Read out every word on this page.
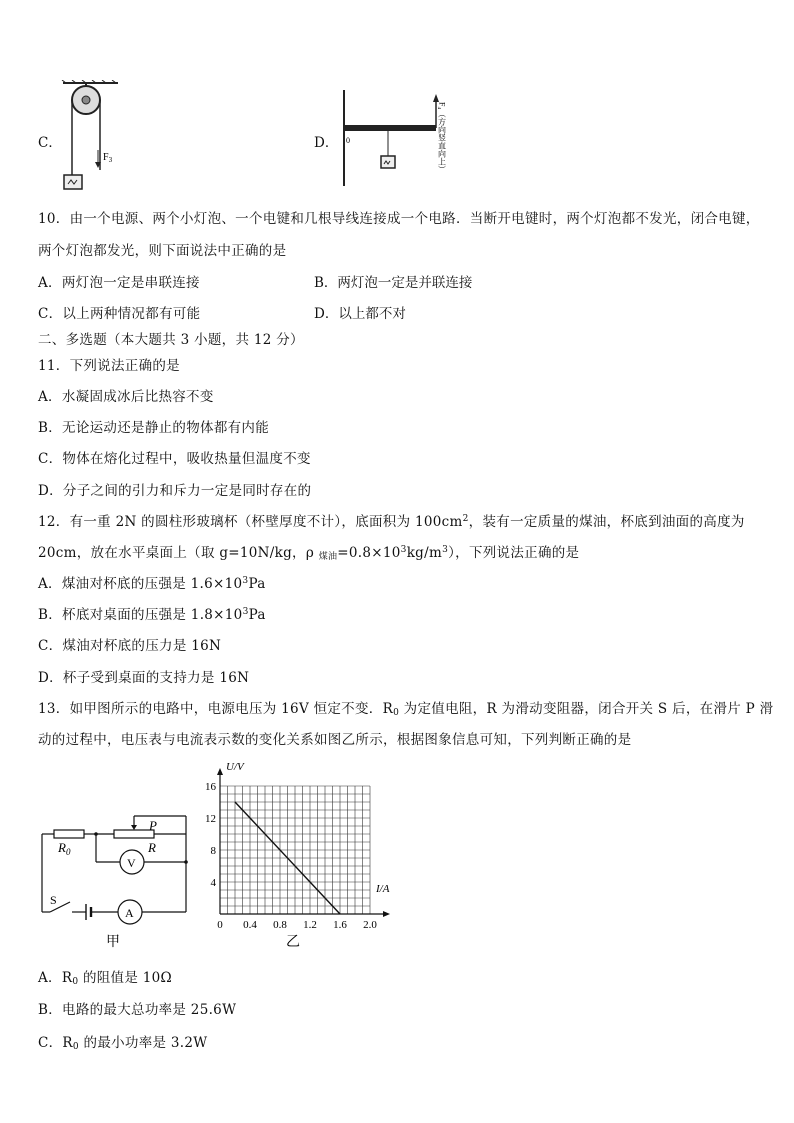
C．
$F_3$
D． 0	F₄（方向竖直向上）
10．由一个电源、两个小灯泡、一个电键和几根导线连接成一个电路．当断开电键时，两个灯泡都不发光，闭合电键，
两个灯泡都发光，则下面说法中正确的是
A．两灯泡一定是串联连接	B．两灯泡一定是并联连接
C．以上两种情况都有可能	D．以上都不对
二、多选题（本大题共 3 小题，共 12 分）
11．下列说法正确的是
A．水凝固成冰后比热容不变
B．无论运动还是静止的物体都有内能
C．物体在熔化过程中，吸收热量但温度不变
D．分子之间的引力和斥力一定是同时存在的
12．有一重 2N 的圆柱形玻璃杯（杯壁厚度不计），底面积为 $100cm^2$，装有一定质量的煤油，杯底到油面的高度为
20cm，放在水平桌面上（取 g=10N/kg，ρ $_{煤油}=0.8\times 10^3kg/m^3$），下列说法正确的是
A．煤油对杯底的压强是 $1.6\times 10^3Pa$
B．杯底对桌面的压强是 $1.8\times 10^3Pa$
C．煤油对杯底的压力是 16N
D．杯子受到桌面的支持力是 16N
13．如甲图所示的电路中，电源电压为 16V 恒定不变．$R_0$ 为定值电阻，R 为滑动变阻器，闭合开关 S 后，在滑片 P 滑
动的过程中，电压表与电流表示数的变化关系如图乙所示，根据图象信息可知，下列判断正确的是
$R_0$	R
P
S
V
A
甲
0 0.4 0.8 1.2 1.6 2.0
4
8
12
16
I/A
U/V
乙
A．$R_0$ 的阻值是 10Ω
B．电路的最大总功率是 25.6W
C．$R_0$ 的最小功率是 3.2W
